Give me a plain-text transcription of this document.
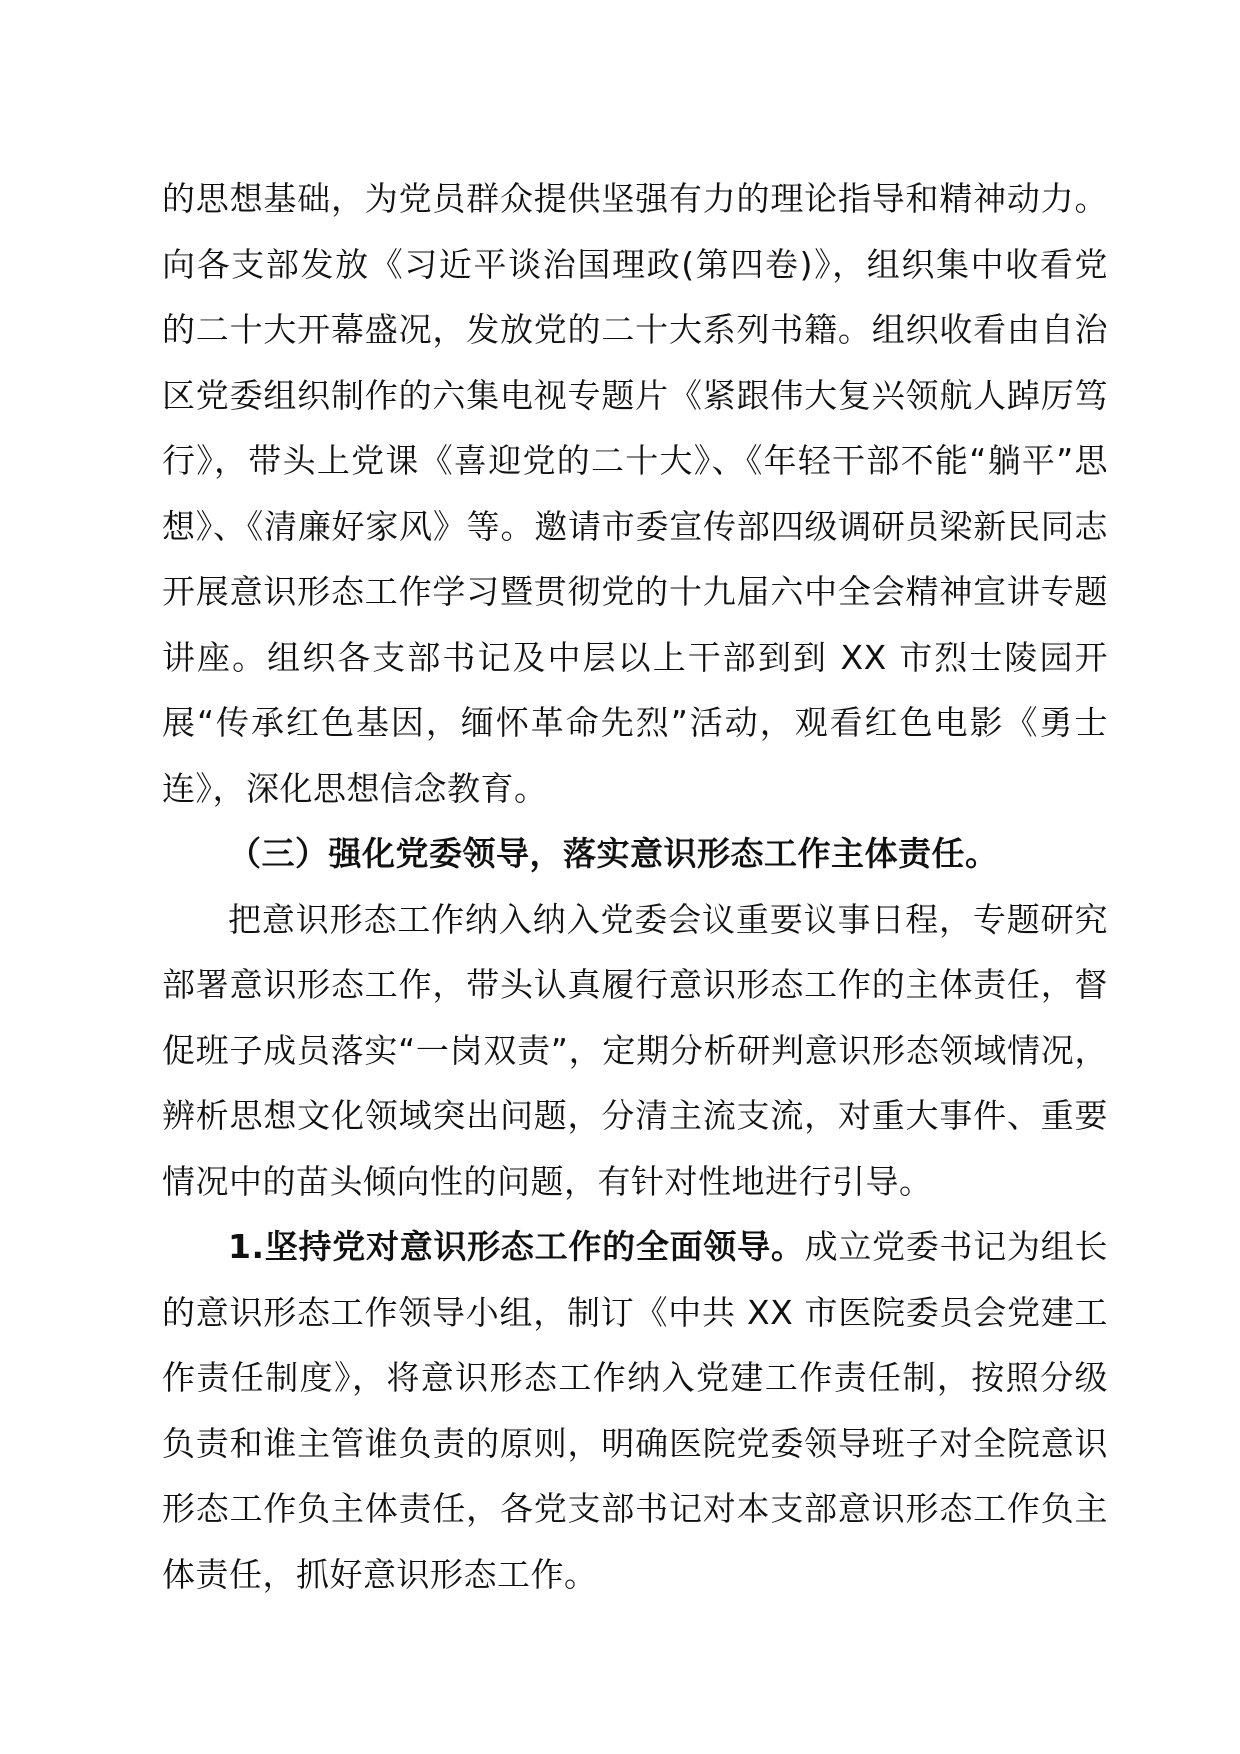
的思想基础，为党员群众提供坚强有力的理论指导和精神动力。向各支部发放《习近平谈治国理政(第四卷)》，组织集中收看党的二十大开幕盛况，发放党的二十大系列书籍。组织收看由自治区党委组织制作的六集电视专题片《紧跟伟大复兴领航人踔厉笃行》，带头上党课《喜迎党的二十大》、《年轻干部不能“躺平”思想》、《清廉好家风》等。邀请市委宣传部四级调研员梁新民同志开展意识形态工作学习暨贯彻党的十九届六中全会精神宣讲专题讲座。组织各支部书记及中层以上干部到到 XX 市烈士陵园开展“传承红色基因，缅怀革命先烈”活动，观看红色电影《勇士连》，深化思想信念教育。

（三）强化党委领导，落实意识形态工作主体责任。

把意识形态工作纳入纳入党委会议重要议事日程，专题研究部署意识形态工作，带头认真履行意识形态工作的主体责任，督促班子成员落实“一岗双责”，定期分析研判意识形态领域情况，辨析思想文化领域突出问题，分清主流支流，对重大事件、重要情况中的苗头倾向性的问题，有针对性地进行引导。

1.坚持党对意识形态工作的全面领导。成立党委书记为组长的意识形态工作领导小组，制订《中共 XX 市医院委员会党建工作责任制度》，将意识形态工作纳入党建工作责任制，按照分级负责和谁主管谁负责的原则，明确医院党委领导班子对全院意识形态工作负主体责任，各党支部书记对本支部意识形态工作负主体责任，抓好意识形态工作。
